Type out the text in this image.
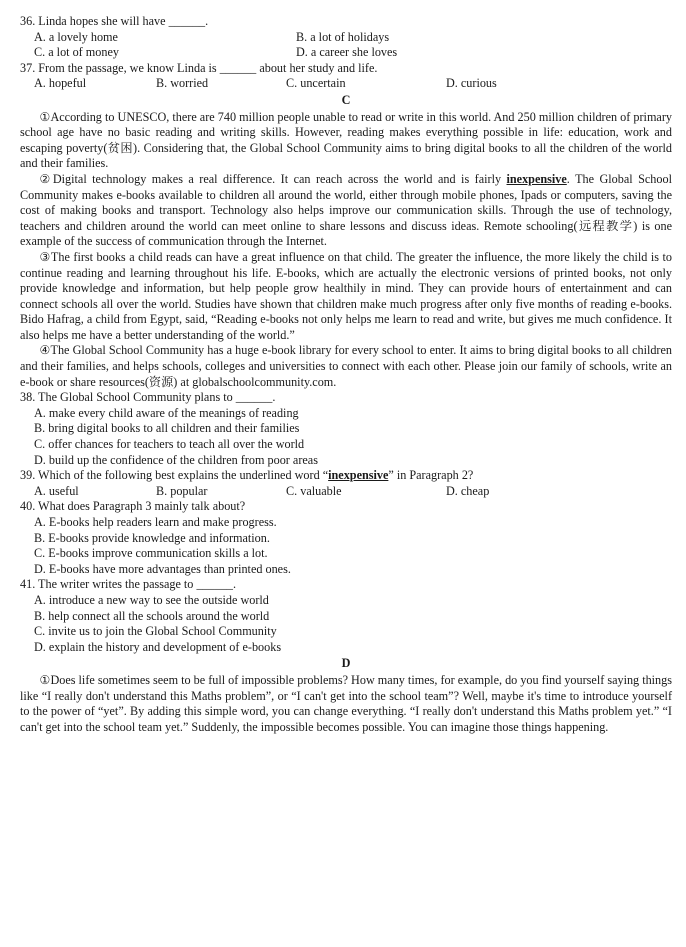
36. Linda hopes she will have ______.

A. a lovely home	B. a lot of holidays
C. a lot of money	D. a career she loves

37. From the passage, we know Linda is ______ about her study and life.

A. hopeful	B. worried	C. uncertain	D. curious
C

①According to UNESCO, there are 740 million people unable to read or write in this world. And 250 million children of primary school age have no basic reading and writing skills. However, reading makes everything possible in life: education, work and escaping poverty(贫困). Considering that, the Global School Community aims to bring digital books to all the children of the world and their families.

②Digital technology makes a real difference. It can reach across the world and is fairly inexpensive. The Global School Community makes e-books available to children all around the world, either through mobile phones, Ipads or computers, saving the cost of making books and transport. Technology also helps improve our communication skills. Through the use of technology, teachers and children around the world can meet online to share lessons and discuss ideas. Remote schooling(远程教学) is one example of the success of communication through the Internet.

③The first books a child reads can have a great influence on that child. The greater the influence, the more likely the child is to continue reading and learning throughout his life. E-books, which are actually the electronic versions of printed books, not only provide knowledge and information, but help people grow healthily in mind. They can provide hours of entertainment and can connect schools all over the world. Studies have shown that children make much progress after only five months of reading e-books. Bido Hafrag, a child from Egypt, said, “Reading e-books not only helps me learn to read and write, but gives me much confidence. It also helps me have a better understanding of the world.”

④The Global School Community has a huge e-book library for every school to enter. It aims to bring digital books to all children and their families, and helps schools, colleges and universities to connect with each other. Please join our family of schools, write an e-book or share resources(资源) at globalschoolcommunity.com.

38. The Global School Community plans to ______.

A. make every child aware of the meanings of reading
B. bring digital books to all children and their families
C. offer chances for teachers to teach all over the world
D. build up the confidence of the children from poor areas

39. Which of the following best explains the underlined word “inexpensive” in Paragraph 2?

A. useful	B. popular	C. valuable	D. cheap

40. What does Paragraph 3 mainly talk about?

A. E-books help readers learn and make progress.
B. E-books provide knowledge and information.
C. E-books improve communication skills a lot.
D. E-books have more advantages than printed ones.

41. The writer writes the passage to ______.

A. introduce a new way to see the outside world
B. help connect all the schools around the world
C. invite us to join the Global School Community
D. explain the history and development of e-books
D

①Does life sometimes seem to be full of impossible problems? How many times, for example, do you find yourself saying things like “I really don't understand this Maths problem”, or “I can't get into the school team”? Well, maybe it's time to introduce yourself to the power of “yet”. By adding this simple word, you can change everything. “I really don't understand this Maths problem yet.” “I can't get into the school team yet.” Suddenly, the impossible becomes possible. You can imagine those things happening.
